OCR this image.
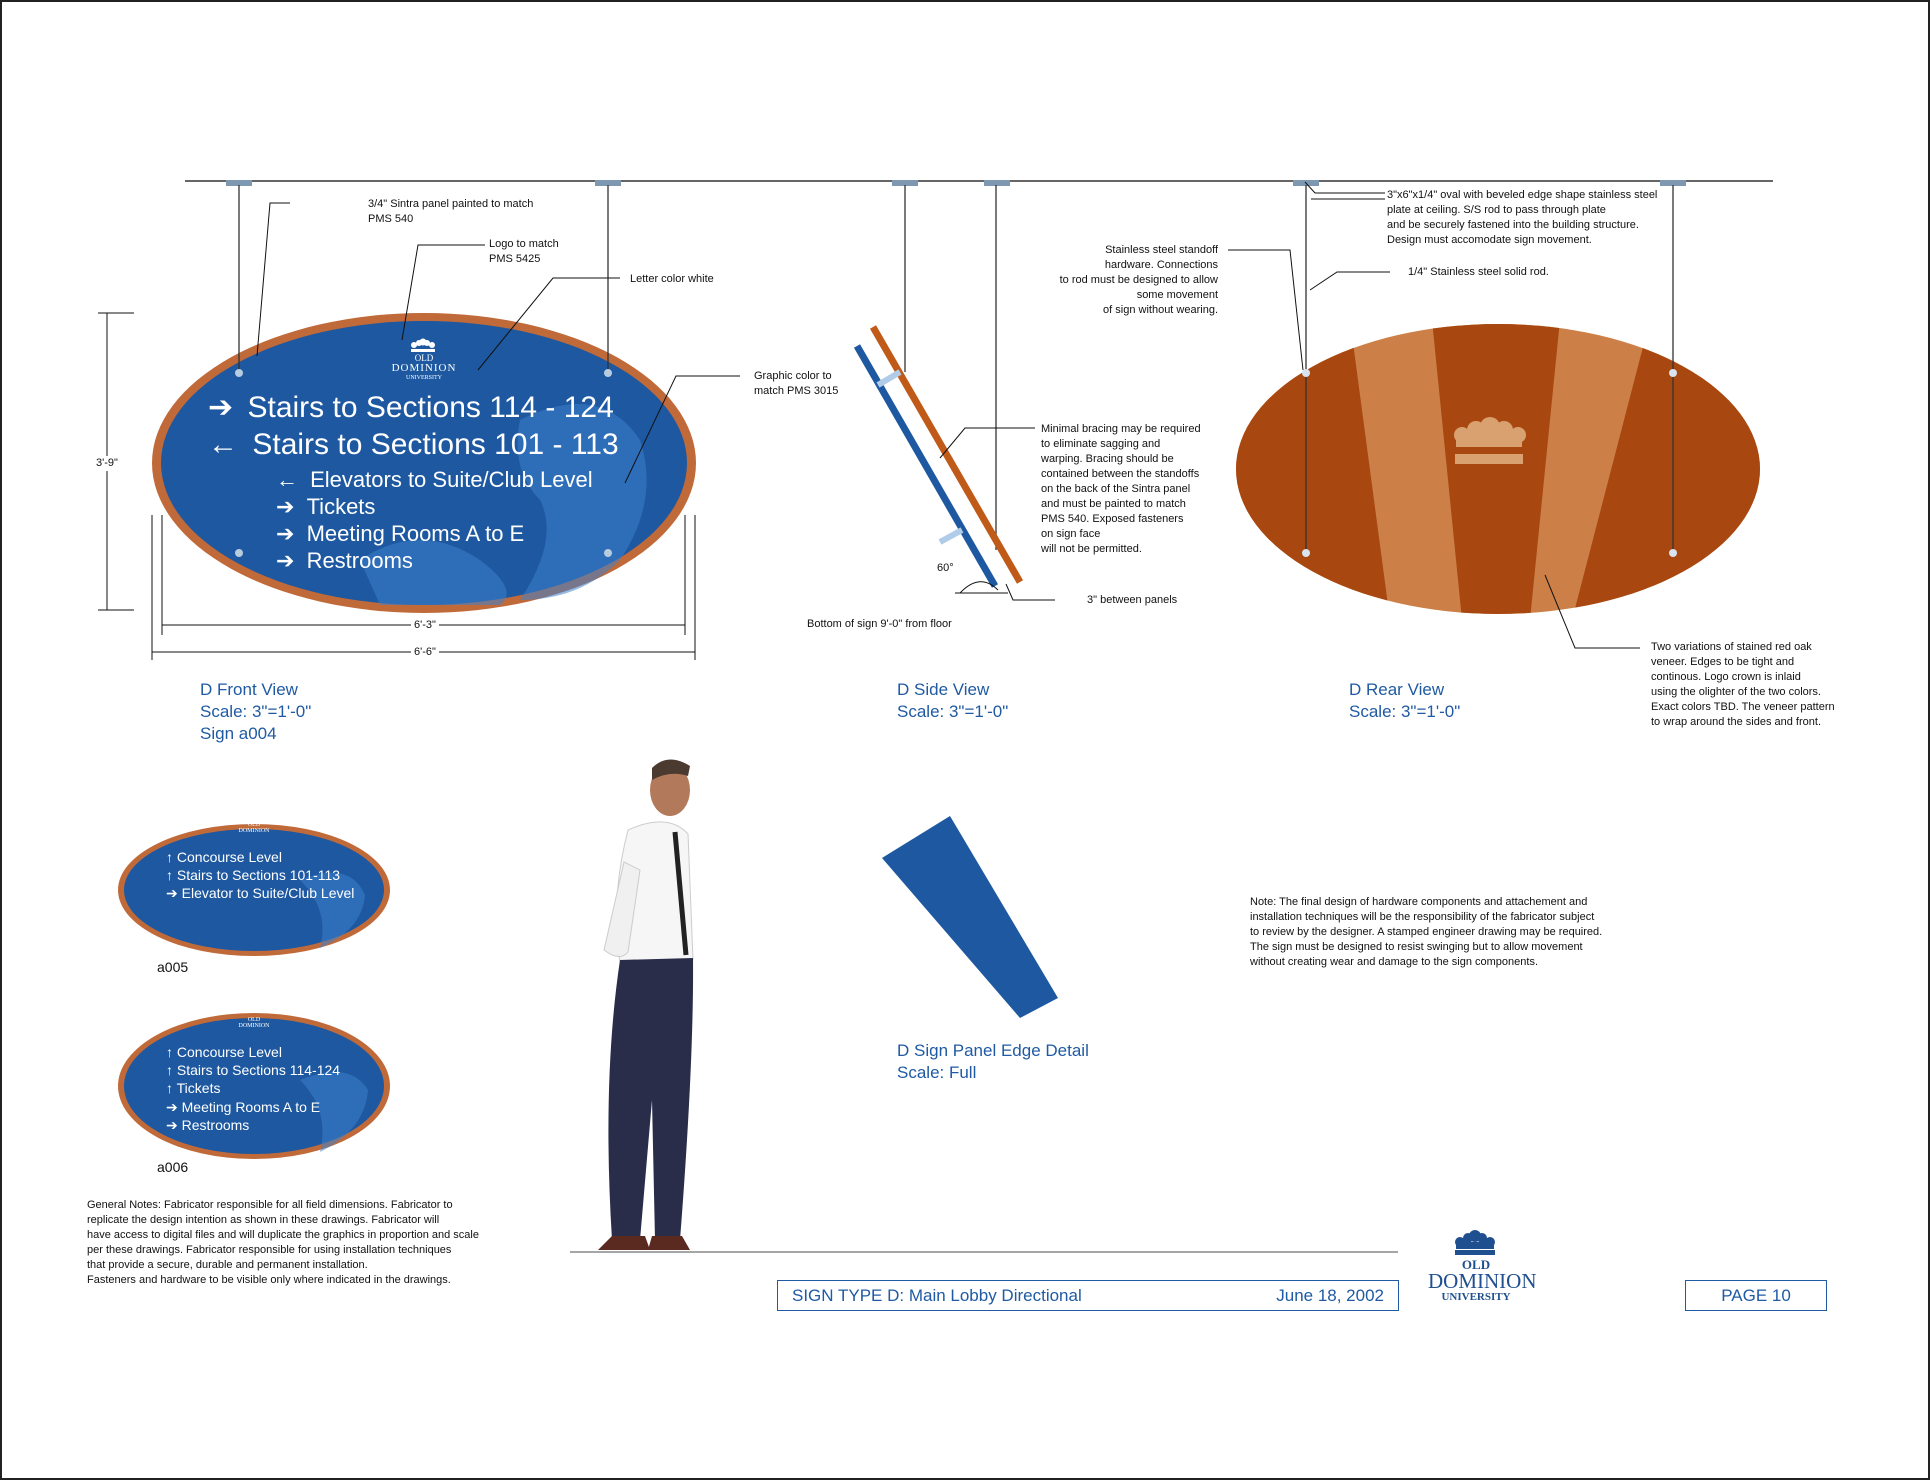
OLD
DOMINION
UNIVERSITY
➔ Stairs to Sections 114 - 124
← Stairs to Sections 101 - 113
← Elevators to Suite/Club Level
➔ Tickets
➔ Meeting Rooms A to E
➔ Restrooms
3/4" Sintra panel painted to match
PMS 540
Logo to match
PMS 5425
Letter color white
Graphic color to
match PMS 3015
Minimal bracing may be required
to eliminate sagging and
warping. Bracing should be
contained between the standoffs
on the back of the Sintra panel
and must be painted to match
PMS 540. Exposed fasteners
on sign face
will not be permitted.
60°
3" between panels
Bottom of sign 9'-0" from floor
Stainless steel standoff
hardware. Connections
to rod must be designed to allow
some movement
of sign without wearing.
3"x6"x1/4" oval with beveled edge shape stainless steel
plate at ceiling. S/S rod to pass through plate
and be securely fastened into the building structure.
Design must accomodate sign movement.
1/4" Stainless steel solid rod.
Two variations of stained red oak
veneer. Edges to be tight and
continous. Logo crown is inlaid
using the olighter of the two colors.
Exact colors TBD. The veneer pattern
to wrap around the sides and front.
3'-9"
6'-3"
6'-6"
D Front View
Scale: 3"=1'-0"
Sign a004
D Side View
Scale: 3"=1'-0"
D Rear View
Scale: 3"=1'-0"
D Sign Panel Edge Detail
Scale: Full
OLD
DOMINION
↑ Concourse Level
↑ Stairs to Sections 101-113
➔ Elevator to Suite/Club Level
a005
OLD
DOMINION
↑ Concourse Level
↑ Stairs to Sections 114-124
↑ Tickets
➔ Meeting Rooms A to E
➔ Restrooms
a006
Note: The final design of hardware components and attachement and
installation techniques will be the responsibility of the fabricator subject
to review by the designer. A stamped engineer drawing may be required.
The sign must be designed to resist swinging but to allow movement
without creating wear and damage to the sign components.
General Notes: Fabricator responsible for all field dimensions. Fabricator to
replicate the design intention as shown in these drawings. Fabricator will
have access to digital files and will duplicate the graphics in proportion and scale
per these drawings. Fabricator responsible for using installation techniques
that provide a secure, durable and permanent installation.
Fasteners and hardware to be visible only where indicated in the drawings.
SIGN TYPE D: Main Lobby Directional	June 18, 2002
OLD
DOMINION
UNIVERSITY	PAGE 10
